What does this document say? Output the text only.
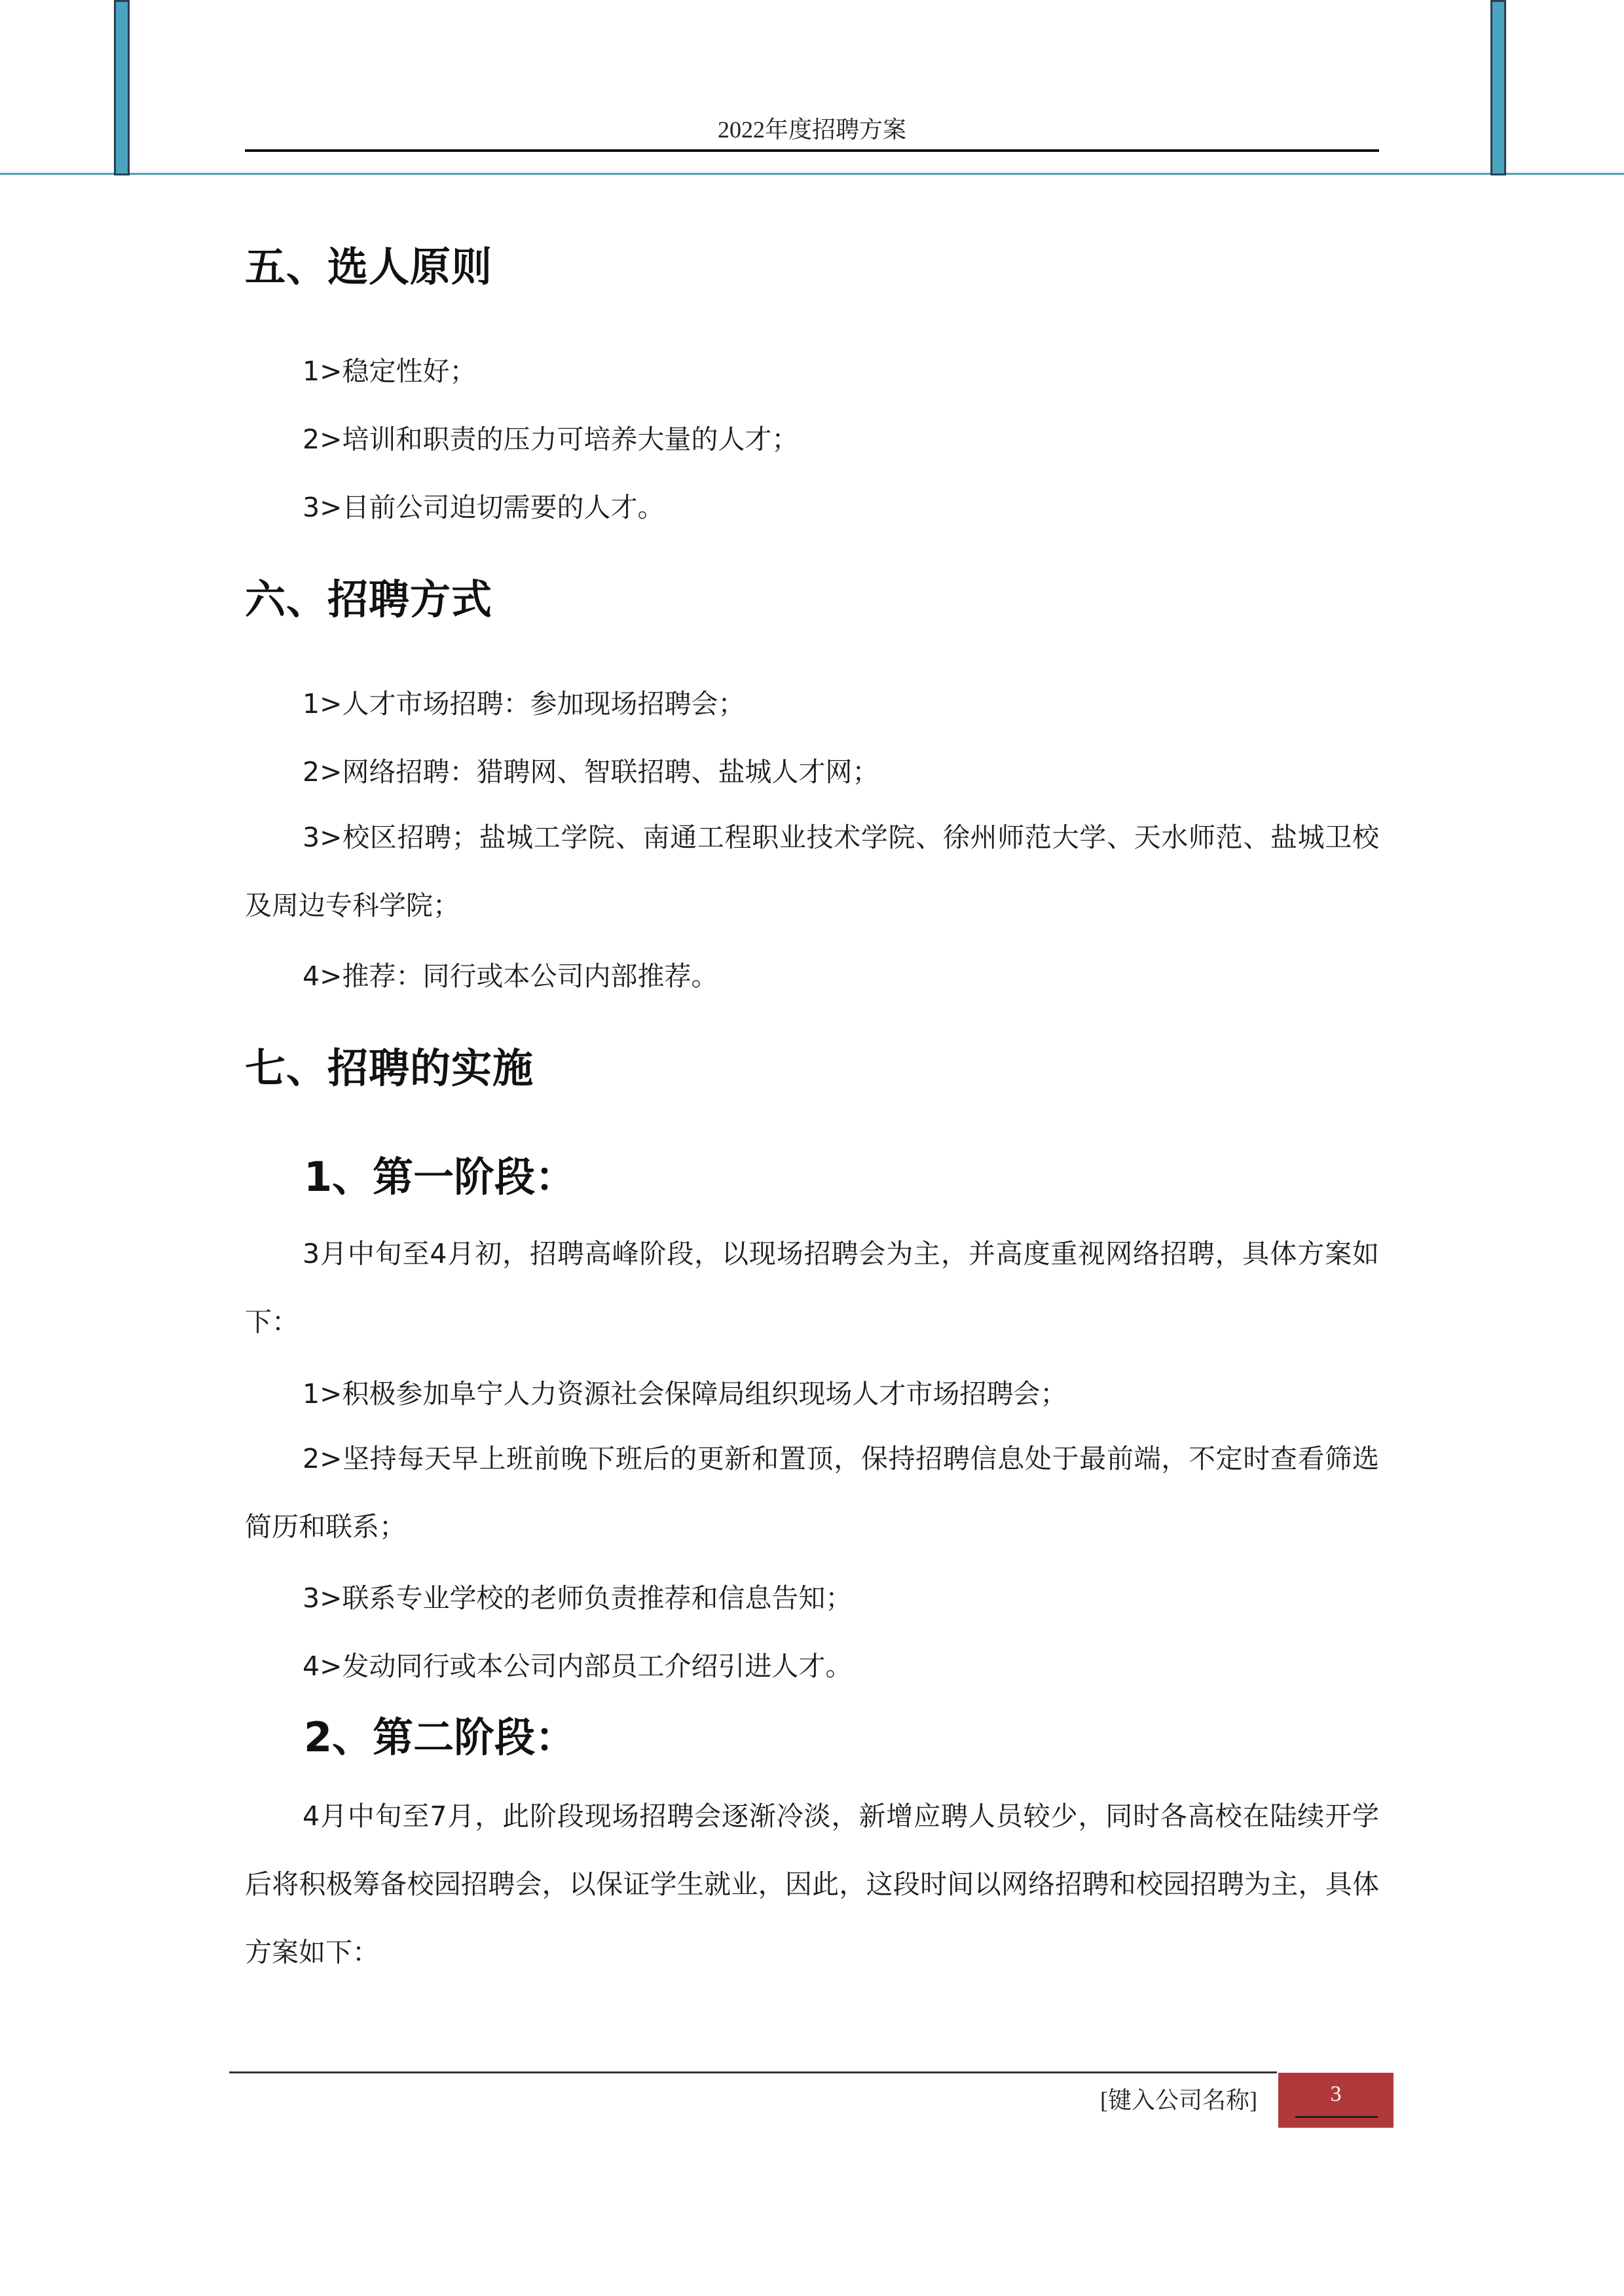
2022年度招聘方案
五、选人原则
1>稳定性好；
2>培训和职责的压力可培养大量的人才；
3>目前公司迫切需要的人才。
六、招聘方式
1>人才市场招聘：参加现场招聘会；
2>网络招聘：猎聘网、智联招聘、盐城人才网；

3>校区招聘；盐城工学院、南通工程职业技术学院、徐州师范大学、天水师范、盐城卫校及周边专科学院；

4>推荐：同行或本公司内部推荐。
七、招聘的实施
1、第一阶段：

3月中旬至4月初，招聘高峰阶段，以现场招聘会为主，并高度重视网络招聘，具体方案如下：

1>积极参加阜宁人力资源社会保障局组织现场人才市场招聘会；

2>坚持每天早上班前晚下班后的更新和置顶，保持招聘信息处于最前端，不定时查看筛选简历和联系；

3>联系专业学校的老师负责推荐和信息告知；
4>发动同行或本公司内部员工介绍引进人才。
2、第二阶段：

4月中旬至7月，此阶段现场招聘会逐渐冷淡，新增应聘人员较少，同时各高校在陆续开学后将积极筹备校园招聘会，以保证学生就业，因此，这段时间以网络招聘和校园招聘为主，具体方案如下：

[键入公司名称]	3
